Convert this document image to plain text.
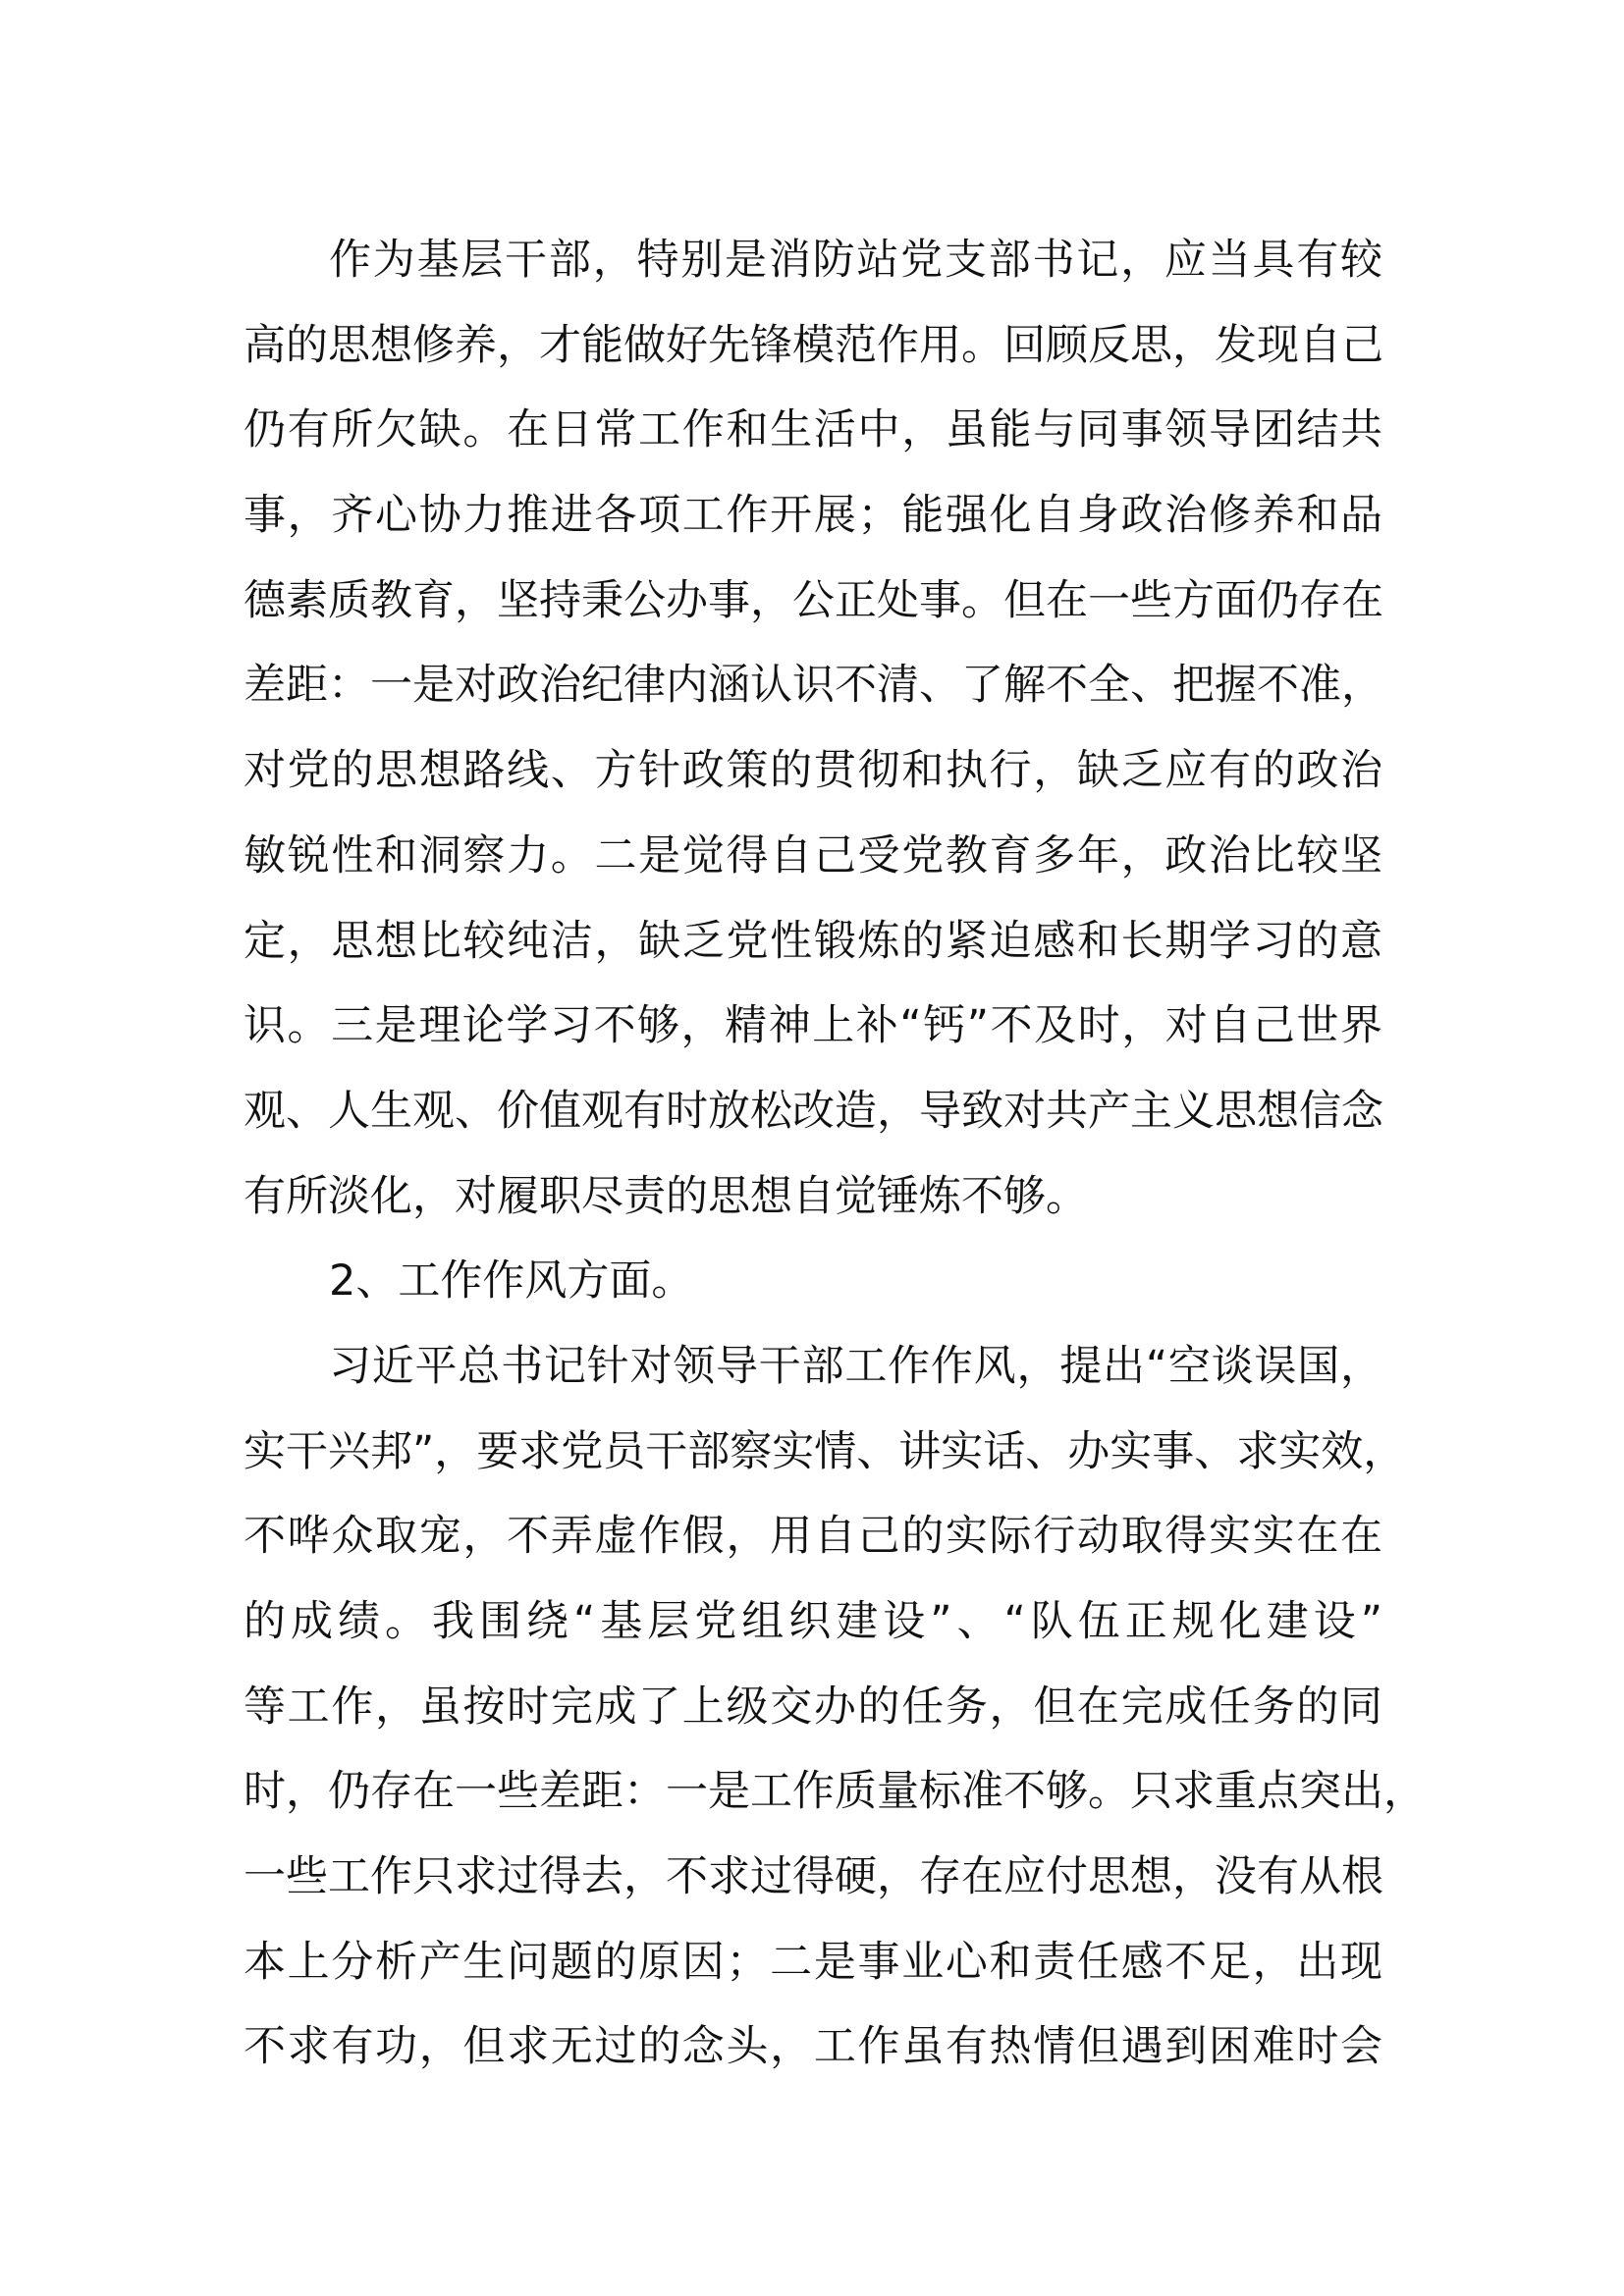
作为基层干部，特别是消防站党支部书记，应当具有较
高的思想修养，才能做好先锋模范作用。回顾反思，发现自己
仍有所欠缺。在日常工作和生活中，虽能与同事领导团结共
事，齐心协力推进各项工作开展；能强化自身政治修养和品
德素质教育，坚持秉公办事，公正处事。但在一些方面仍存在
差距：一是对政治纪律内涵认识不清、了解不全、把握不准，
对党的思想路线、方针政策的贯彻和执行，缺乏应有的政治
敏锐性和洞察力。二是觉得自己受党教育多年，政治比较坚
定，思想比较纯洁，缺乏党性锻炼的紧迫感和长期学习的意
识。三是理论学习不够，精神上补“钙”不及时，对自己世界
观、人生观、价值观有时放松改造，导致对共产主义思想信念
有所淡化，对履职尽责的思想自觉锤炼不够。
2、工作作风方面。
习近平总书记针对领导干部工作作风，提出“空谈误国，
实干兴邦”，要求党员干部察实情、讲实话、办实事、求实效，
不哗众取宠，不弄虚作假，用自己的实际行动取得实实在在
的成绩。我围绕“基层党组织建设”、“队伍正规化建设”
等工作，虽按时完成了上级交办的任务，但在完成任务的同
时，仍存在一些差距：一是工作质量标准不够。只求重点突出，
一些工作只求过得去，不求过得硬，存在应付思想，没有从根
本上分析产生问题的原因；二是事业心和责任感不足，出现
不求有功，但求无过的念头，工作虽有热情但遇到困难时会
